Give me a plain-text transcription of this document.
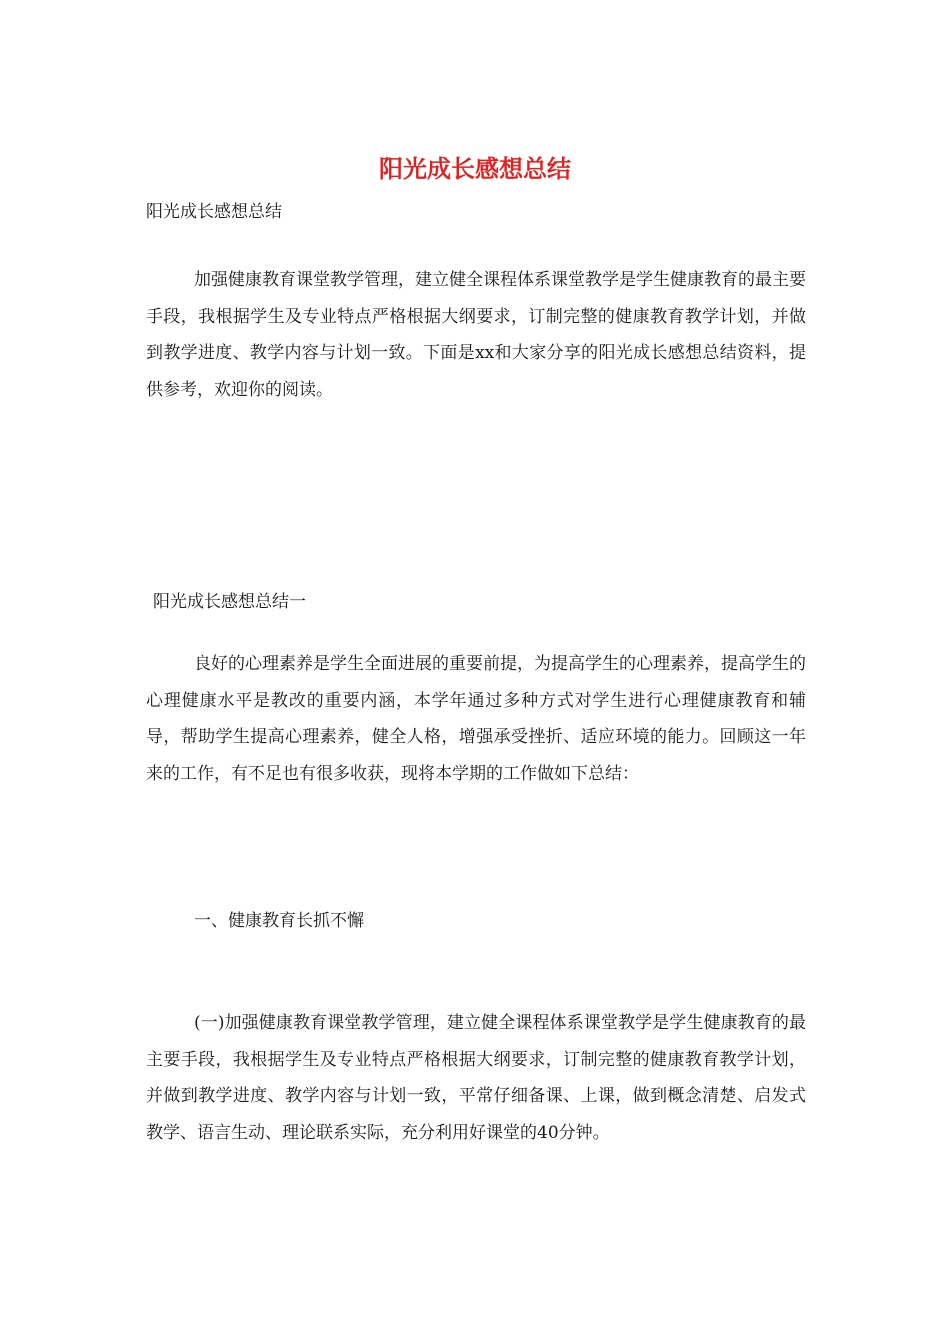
阳光成长感想总结

阳光成长感想总结

加强健康教育课堂教学管理，建立健全课程体系课堂教学是学生健康教育的最主要手段，我根据学生及专业特点严格根据大纲要求，订制完整的健康教育教学计划，并做到教学进度、教学内容与计划一致。下面是xx和大家分享的阳光成长感想总结资料，提供参考，欢迎你的阅读。

阳光成长感想总结一

良好的心理素养是学生全面进展的重要前提，为提高学生的心理素养，提高学生的心理健康水平是教改的重要内涵，本学年通过多种方式对学生进行心理健康教育和辅导，帮助学生提高心理素养，健全人格，增强承受挫折、适应环境的能力。回顾这一年来的工作，有不足也有很多收获，现将本学期的工作做如下总结：

一、健康教育长抓不懈

(一)加强健康教育课堂教学管理，建立健全课程体系课堂教学是学生健康教育的最主要手段，我根据学生及专业特点严格根据大纲要求，订制完整的健康教育教学计划，并做到教学进度、教学内容与计划一致，平常仔细备课、上课，做到概念清楚、启发式教学、语言生动、理论联系实际，充分利用好课堂的40分钟。
